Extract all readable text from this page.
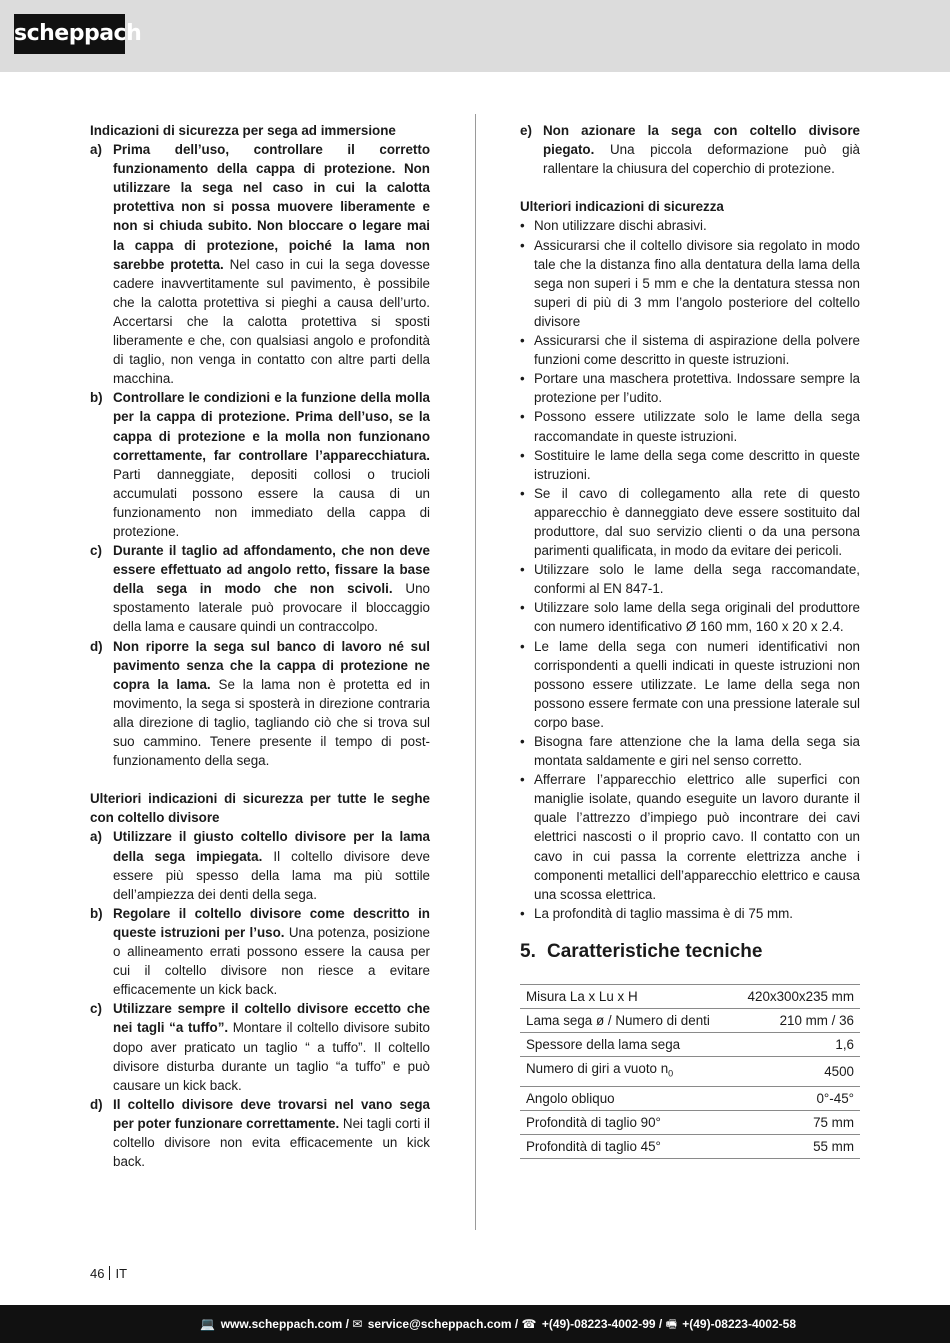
scheppach
Indicazioni di sicurezza per sega ad immersione
a) Prima dell’uso, controllare il corretto funzionamento della cappa di protezione. Non utilizzare la sega nel caso in cui la calotta protettiva non si possa muovere liberamente e non si chiuda subito. Non bloccare o legare mai la cappa di protezione, poiché la lama non sarebbe protetta. Nel caso in cui la sega dovesse cadere inavvertitamente sul pavimento, è possibile che la calotta protettiva si pieghi a causa dell’urto. Accertarsi che la calotta protettiva si sposti liberamente e che, con qualsiasi angolo e profondità di taglio, non venga in contatto con altre parti della macchina.
b) Controllare le condizioni e la funzione della molla per la cappa di protezione. Prima dell’uso, se la cappa di protezione e la molla non funzionano correttamente, far controllare l’apparecchiatura. Parti danneggiate, depositi collosi o trucioli accumulati possono essere la causa di un funzionamento non immediato della cappa di protezione.
c) Durante il taglio ad affondamento, che non deve essere effettuato ad angolo retto, fissare la base della sega in modo che non scivoli. Uno spostamento laterale può provocare il bloccaggio della lama e causare quindi un contraccolpo.
d) Non riporre la sega sul banco di lavoro né sul pavimento senza che la cappa di protezione ne copra la lama. Se la lama non è protetta ed in movimento, la sega si sposterà in direzione contraria alla direzione di taglio, tagliando ciò che si trova sul suo cammino. Tenere presente il tempo di post-funzionamento della sega.
Ulteriori indicazioni di sicurezza per tutte le seghe con coltello divisore
a) Utilizzare il giusto coltello divisore per la lama della sega impiegata. Il coltello divisore deve essere più spesso della lama ma più sottile dell’ampiezza dei denti della sega.
b) Regolare il coltello divisore come descritto in queste istruzioni per l’uso. Una potenza, posizione o allineamento errati possono essere la causa per cui il coltello divisore non riesce a evitare efficacemente un kick back.
c) Utilizzare sempre il coltello divisore eccetto che nei tagli “a tuffo”. Montare il coltello divisore subito dopo aver praticato un taglio “ a tuffo”. Il coltello divisore disturba durante un taglio “a tuffo” e può causare un kick back.
d) Il coltello divisore deve trovarsi nel vano sega per poter funzionare correttamente. Nei tagli corti il coltello divisore non evita efficacemente un kick back.
e) Non azionare la sega con coltello divisore piegato. Una piccola deformazione può già rallentare la chiusura del coperchio di protezione.
Ulteriori indicazioni di sicurezza
• Non utilizzare dischi abrasivi.
• Assicurarsi che il coltello divisore sia regolato in modo tale che la distanza fino alla dentatura della lama della sega non superi i 5 mm e che la dentatura stessa non superi di più di 3 mm l’angolo posteriore del coltello divisore
• Assicurarsi che il sistema di aspirazione della polvere funzioni come descritto in queste istruzioni.
• Portare una maschera protettiva. Indossare sempre la protezione per l’udito.
• Possono essere utilizzate solo le lame della sega raccomandate in queste istruzioni.
• Sostituire le lame della sega come descritto in queste istruzioni.
• Se il cavo di collegamento alla rete di questo apparecchio è danneggiato deve essere sostituito dal produttore, dal suo servizio clienti o da una persona parimenti qualificata, in modo da evitare dei pericoli.
• Utilizzare solo le lame della sega raccomandate, conformi al EN 847-1.
• Utilizzare solo lame della sega originali del produttore con numero identificativo Ø 160 mm, 160 x 20 x 2.4.
• Le lame della sega con numeri identificativi non corrispondenti a quelli indicati in queste istruzioni non possono essere utilizzate. Le lame della sega non possono essere fermate con una pressione laterale sul corpo base.
• Bisogna fare attenzione che la lama della sega sia montata saldamente e giri nel senso corretto.
• Afferrare l’apparecchio elettrico alle superfici con maniglie isolate, quando eseguite un lavoro durante il quale l’attrezzo d’impiego può incontrare dei cavi elettrici nascosti o il proprio cavo. Il contatto con un cavo in cui passa la corrente elettrizza anche i componenti metallici dell’apparecchio elettrico e causa una scossa elettrica.
• La profondità di taglio massima è di 75 mm.
5. Caratteristiche tecniche
Misura La x Lu x H	420x300x235 mm
Lama sega ø / Numero di denti	210 mm / 36
Spessore della lama sega	1,6
Numero di giri a vuoto $n_0$	4500
Angolo obliquo	0°-45°
Profondità di taglio 90°	75 mm
Profondità di taglio 45°	55 mm
46 IT
💻 www.scheppach.com / ✉ service@scheppach.com / ☎ +(49)-08223-4002-99 / 🖷 +(49)-08223-4002-58
